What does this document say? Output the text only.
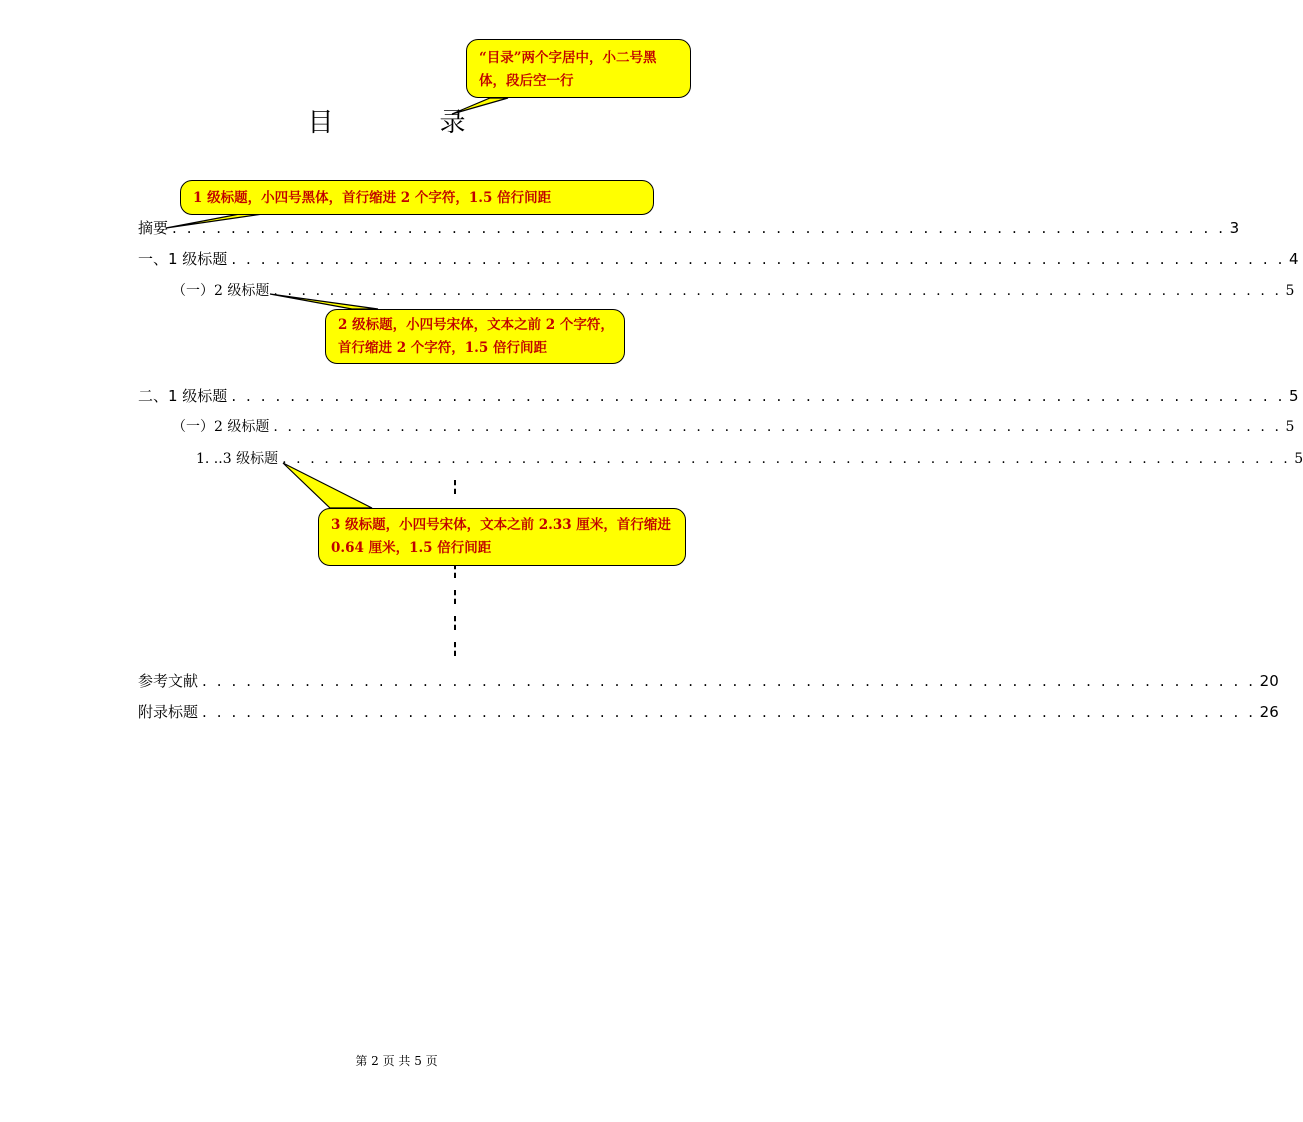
目　录
摘要 . . . . . . . . . . . . . . . . . . . . . . . . . . . . . . . . . . . . . . . . . . . . . . . . . . . . . . . . . . . . . . . . . . . . . . . . 3
一、1 级标题 . . . . . . . . . . . . . . . . . . . . . . . . . . . . . . . . . . . . . . . . . . . . . . . . . . . . . . . . . . . . . . . . . . . . . . . . 4
（一）2 级标题 . . . . . . . . . . . . . . . . . . . . . . . . . . . . . . . . . . . . . . . . . . . . . . . . . . . . . . . . . . . . . . . . . . . . . . . . 5
二、1 级标题 . . . . . . . . . . . . . . . . . . . . . . . . . . . . . . . . . . . . . . . . . . . . . . . . . . . . . . . . . . . . . . . . . . . . . . . . 5
（一）2 级标题 . . . . . . . . . . . . . . . . . . . . . . . . . . . . . . . . . . . . . . . . . . . . . . . . . . . . . . . . . . . . . . . . . . . . . . . . 5
1. ..3 级标题 . . . . . . . . . . . . . . . . . . . . . . . . . . . . . . . . . . . . . . . . . . . . . . . . . . . . . . . . . . . . . . . . . . . . . . . . 5
参考文献 . . . . . . . . . . . . . . . . . . . . . . . . . . . . . . . . . . . . . . . . . . . . . . . . . . . . . . . . . . . . . . . . . . . . . . . . 20
附录标题 . . . . . . . . . . . . . . . . . . . . . . . . . . . . . . . . . . . . . . . . . . . . . . . . . . . . . . . . . . . . . . . . . . . . . . . . 26
“目录”两个字居中，小二号黑体，段后空一行
1 级标题，小四号黑体，首行缩进 2 个字符，1.5 倍行间距
2 级标题，小四号宋体，文本之前 2 个字符，首行缩进 2 个字符，1.5 倍行间距
3 级标题，小四号宋体，文本之前 2.33 厘米，首行缩进 0.64 厘米，1.5 倍行间距
第 2 页 共 5 页
